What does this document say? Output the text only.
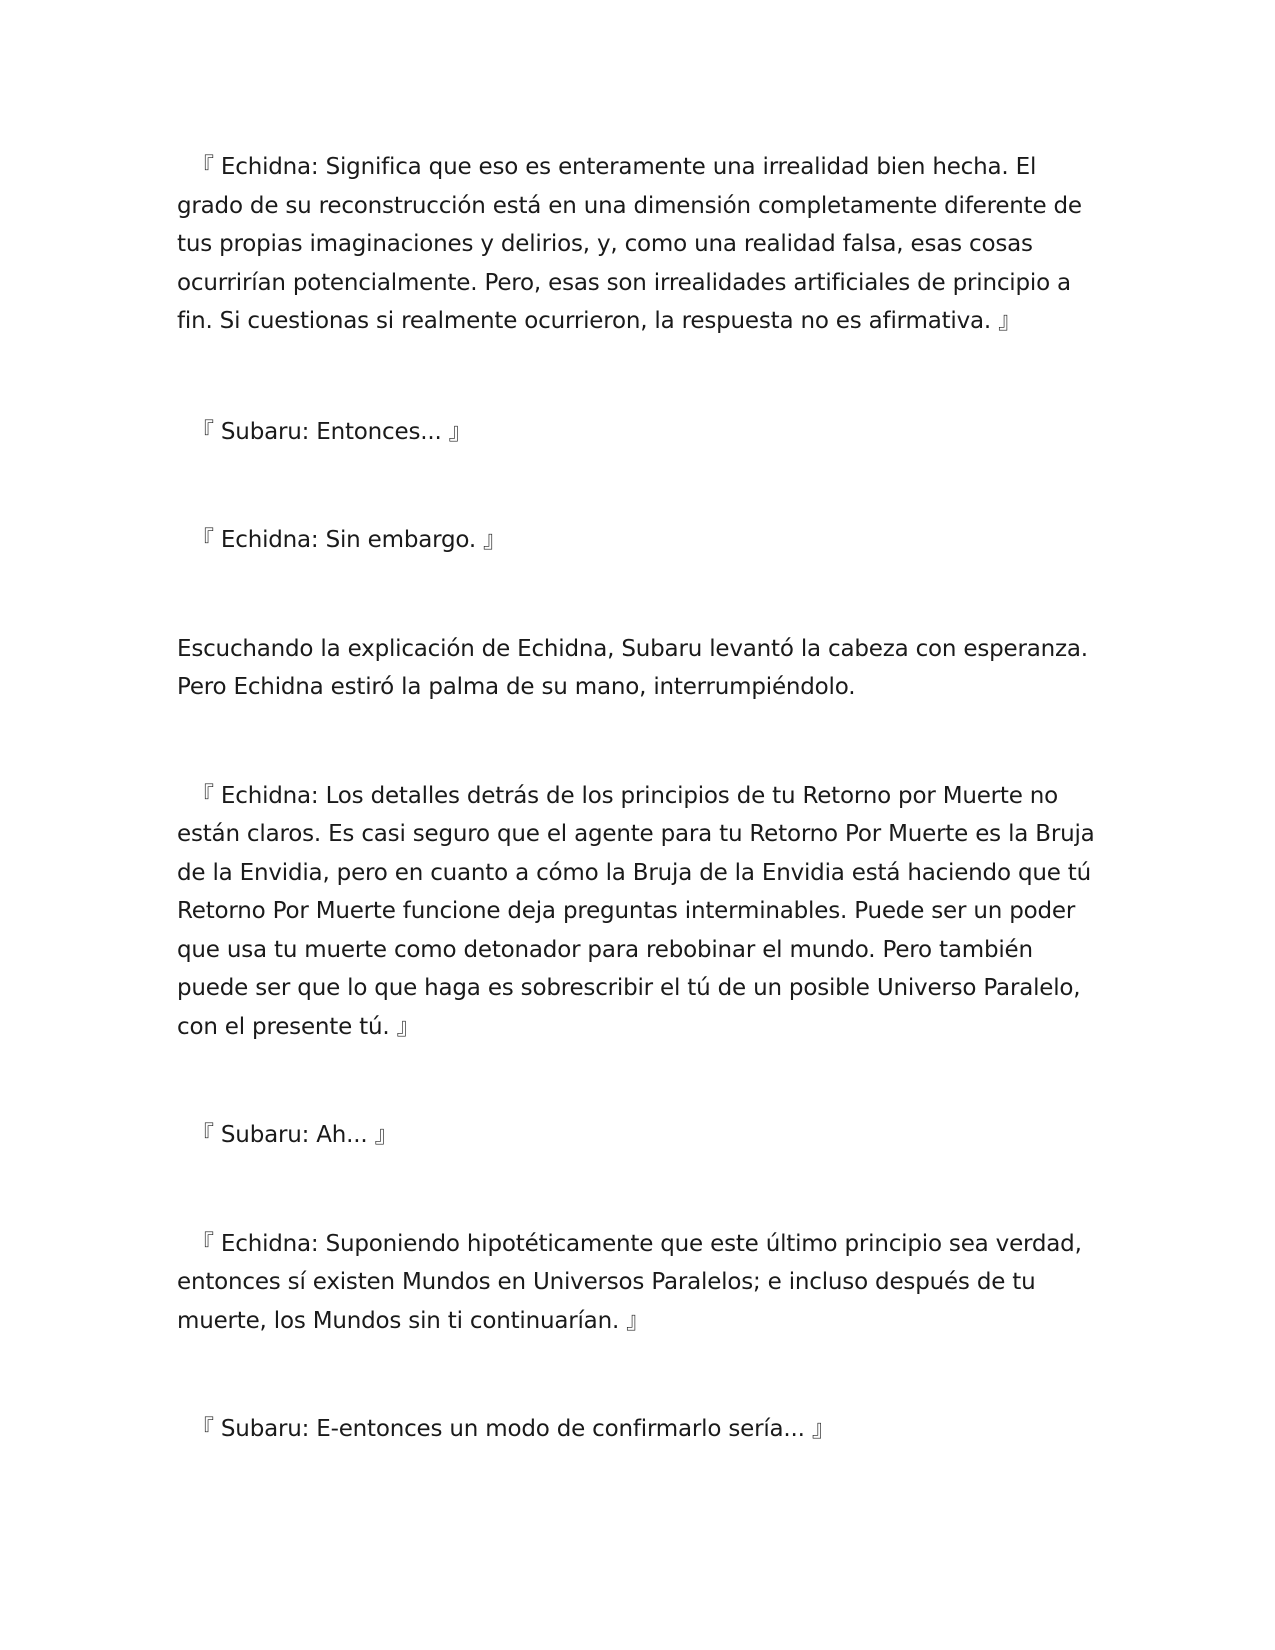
『 Echidna: Significa que eso es enteramente una irrealidad bien hecha. El grado de su reconstrucción está en una dimensión completamente diferente de tus propias imaginaciones y delirios, y, como una realidad falsa, esas cosas ocurrirían potencialmente. Pero, esas son irrealidades artificiales de principio a fin. Si cuestionas si realmente ocurrieron, la respuesta no es afirmativa. 』

『 Subaru: Entonces... 』

『 Echidna: Sin embargo. 』

Escuchando la explicación de Echidna, Subaru levantó la cabeza con esperanza. Pero Echidna estiró la palma de su mano, interrumpiéndolo.

『 Echidna: Los detalles detrás de los principios de tu Retorno por Muerte no están claros. Es casi seguro que el agente para tu Retorno Por Muerte es la Bruja de la Envidia, pero en cuanto a cómo la Bruja de la Envidia está haciendo que tú Retorno Por Muerte funcione deja preguntas interminables. Puede ser un poder que usa tu muerte como detonador para rebobinar el mundo. Pero también puede ser que lo que haga es sobrescribir el tú de un posible Universo Paralelo, con el presente tú. 』

『 Subaru: Ah... 』

『 Echidna: Suponiendo hipotéticamente que este último principio sea verdad, entonces sí existen Mundos en Universos Paralelos; e incluso después de tu muerte, los Mundos sin ti continuarían. 』

『 Subaru: E-entonces un modo de confirmarlo sería... 』
